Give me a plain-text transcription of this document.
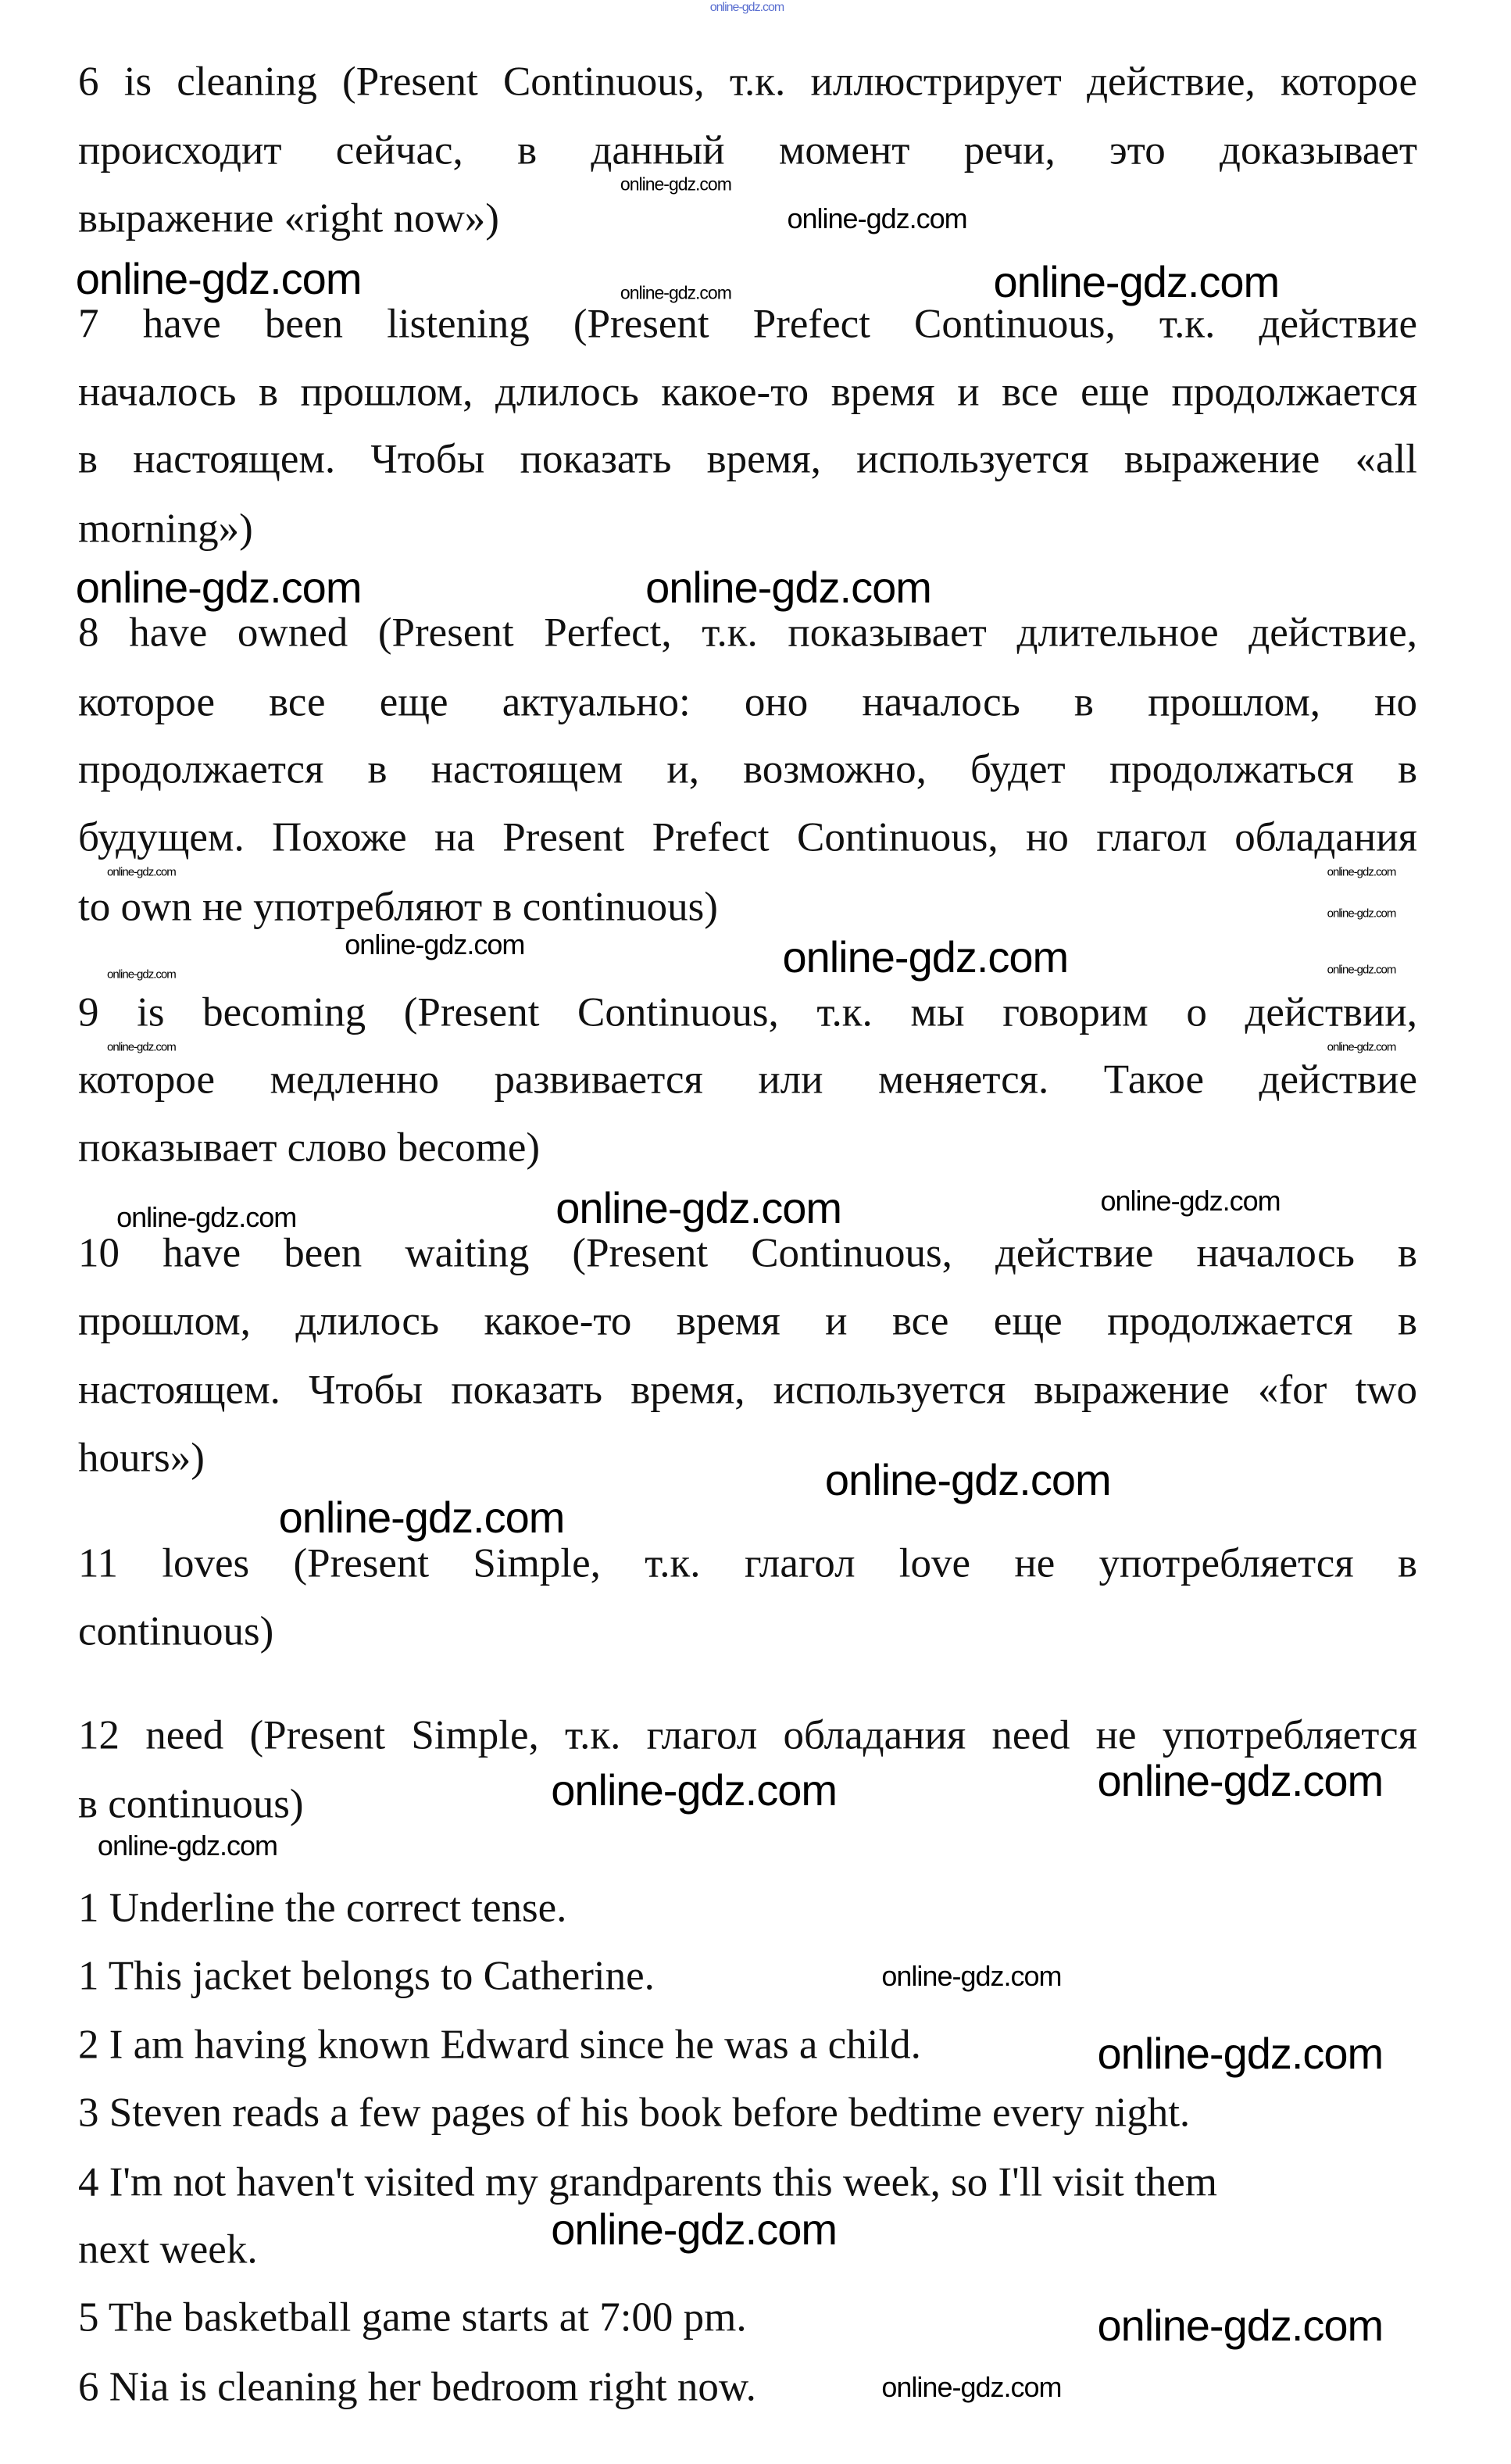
6 is cleaning (Present Continuous, т.к. иллюстрирует действие, которое
происходит сейчас, в данный момент речи, это доказывает
выражение «right now»)
7 have been listening (Present Prefect Continuous, т.к. действие
началось в прошлом, длилось какое-то время и все еще продолжается
в настоящем. Чтобы показать время, используется выражение «all
morning»)
8 have owned (Present Perfect, т.к. показывает длительное действие,
которое все еще актуально: оно началось в прошлом, но
продолжается в настоящем и, возможно, будет продолжаться в
будущем. Похоже на Present Prefect Continuous, но глагол обладания
to own не употребляют в continuous)
9 is becoming (Present Continuous, т.к. мы говорим о действии,
которое медленно развивается или меняется. Такое действие
показывает слово become)
10 have been waiting (Present Continuous, действие началось в
прошлом, длилось какое-то время и все еще продолжается в
настоящем. Чтобы показать время, используется выражение «for two
hours»)
11 loves (Present Simple, т.к. глагол love не употребляется в
continuous)
12 need (Present Simple, т.к. глагол обладания need не употребляется
в continuous)
1 Underline the correct tense.
1 This jacket belongs to Catherine.
2 I am having known Edward since he was a child.
3 Steven reads a few pages of his book before bedtime every night.
4 I'm not haven't visited my grandparents this week, so I'll visit them
next week.
5 The basketball game starts at 7:00 pm.
6 Nia is cleaning her bedroom right now.
online-gdz.com
online-gdz.com
online-gdz.com	online-gdz.com
online-gdz.com
online-gdz.com	online-gdz.com
online-gdz.com
online-gdz.com
online-gdz.com
online-gdz.com	online-gdz.com
online-gdz.com
online-gdz.com	online-gdz.com
online-gdz.com
online-gdz.com
online-gdz.com	online-gdz.com	online-gdz.com
online-gdz.com
online-gdz.com
online-gdz.com	online-gdz.com
online-gdz.com
online-gdz.com
online-gdz.com
online-gdz.com
online-gdz.com
online-gdz.com
